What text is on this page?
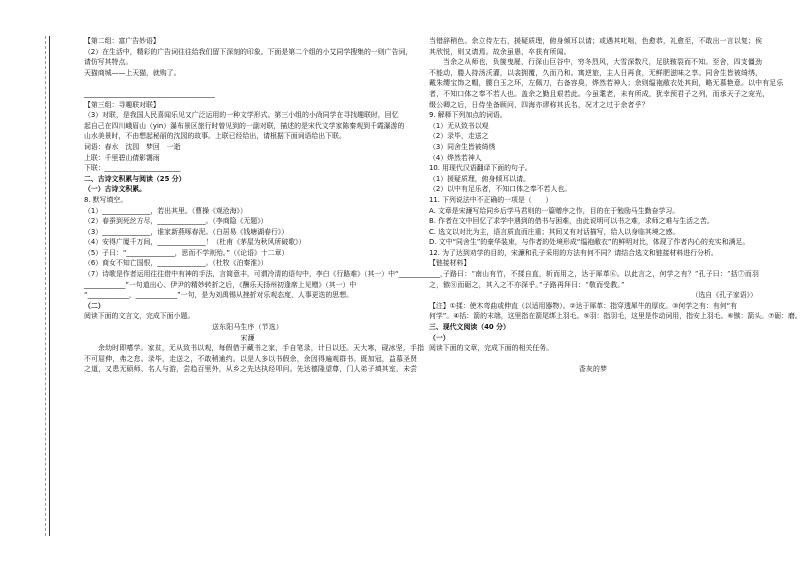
【第二组：富广告妙语】
（2）在生活中，精彩的广告词往往给我们留下深刻的印象。下面是第二个组的小艾同学搜集的一则广告词，
请仿写其特点。
天猫商城——上天猫，就购了。
______________________________________
【第三组：寻趣联对联】
（3）对联，是我国人民喜闻乐见又广泛运用的一种文学形式。第三小组的小尚同学在寻找趣联时，回忆
起自己在四川峨眉山（yin）瀑布景区旅行时曾见到的一副对联，描述的是宋代文学家陈秦观到千霞瀑游的
山水美景时，不由想起秘丽的沈园的故事。上联已经给出，请根据下面词语给出下联。
词语：春水　沈园　梦回　一逝
上联：千里碧山倩影霭雨
下联：______________________
二、古诗文积累与阅读（25 分）
（一）古诗文积累。
8. 默写填空。
（1）______________，若出其里。（曹操《观沧海》）
（2）春蚕到死丝方尽，______________。（李商隐《无题》）
（3）______________，谁家新燕啄春泥。（白居易《钱塘湖春行》）
（4）安得广厦千万间，______________！（杜甫《茅屋为秋风所破歌》）
（5）子曰：“______________，思而不学则殆。”（《论语》十二章）
（6）商女不知亡国恨，______________。（杜牧《泊秦淮》）
（7）诗歌是作者运用往往借中有神的手法，言简意丰，可谓冷清的语句中，李白《行路难》（其一）中“____________，
____________”一句道出心、伊尹的精妙转折之后，《酬乐天扬州初逢席上见赠》（其一）中
“____________，____________”一句，是为刘禹锡从挫折对乐观态度，人事更迭的思想。
（二）
阅读下面的文言文，完成下面小题。
送东阳马生序（节选）
宋濂
余幼时即嗜学。家贫，无从致书以观，每假借于藏书之家，手自笔录，计日以还。天大寒，砚冰坚，手指
不可屈伸，弗之怠。录毕，走送之，不敢稍逾约。以是人多以书假余，余因得遍观群书。既加冠，益慕圣贤
之道，又患无硕师、名人与游，尝趋百里外，从乡之先达执经叩问。先达德隆望尊，门人弟子填其室，未尝
当错辞稍色。余立侍左右，援疑质理，俯身倾耳以请；或遇其叱咄，色愈恭，礼愈至，不敢出一言以复；俟
其欣悦，则又请焉。故余虽愚，卒获有所闻。
当余之从师也，负箧曳屣，行深山巨谷中，穷冬烈风，大雪深数尺，足肤皲裂而不知。至舍，四支僵劲
不能动，媵人持汤沃灌，以衾拥覆，久而乃和。寓逆旅，主人日再食，无鲜肥滋味之享。同舍生皆被绮绣，
戴朱缨宝饰之帽，腰白玉之环，左佩刀，右备容臭，烨然若神人；余则缊袍敝衣处其间，略无慕艳意。以中有足乐
者，不知口体之奉不若人也。盖余之勤且艰若此。今虽耄老，未有所成，犹幸预君子之列，而承天子之宠光，
缀公卿之后，日侍坐备顾问，四海亦谬称其氏名，况才之过于余者乎？
9. 解释下列加点的词语。
（1）无从致书以观
（2）录毕，走送之
（3）同舍生皆被绮绣
（4）烨然若神人
10. 用现代汉语翻译下面的句子。
（1）援疑质理，俯身倾耳以请。
（2）以中有足乐者，不知口体之奉不若人也。
11. 下列说法中不正确的一项是（　　）
A. 文章是宋濂写给同乡后学马君则的一篇赠序之作，目的在于勉励马生勤奋学习。
B. 作者在文中回忆了求学中遇到的借书与困难，由此说明可以书之难，求师之难与生活之苦。
C. 选文以对比为主，语言质直而庄重；其间又有对话描写，给人以身临其境之感。
D. 文中“同舍生”的豪华装束，与作者的处境形成“缊袍敝衣”的鲜明对比，体现了作者内心的充实和满足。
12. 为了达到劝学的目的，宋濂和孔子采用的方法有何不同？请结合选文和链接材料进行分析。
【链接材料】
子路曰：“南山有竹，不揉自直，斩而用之，达于犀革⑥。以此言之，何学之有？”孔子曰：“括⑦而羽
之，镞⑧而砺之，其入之不亦深乎。”子路再拜曰：“敬而受教。”
（选自《孔子家语》）
【注】①揉：使木弯曲或伸直（以适用器物）。②达于犀革：指穿透犀牛的厚皮。③何学之有：有何“有
何学”。④括：箭的末端，这里指在箭尾绑上羽毛。⑤羽：指羽毛，这里是作动词用，指安上羽毛。⑥镞：箭头。⑦砺：磨。
三、现代文阅读（40 分）
（一）
阅读下面的文章，完成下面的相关任务。
香灰的梦
